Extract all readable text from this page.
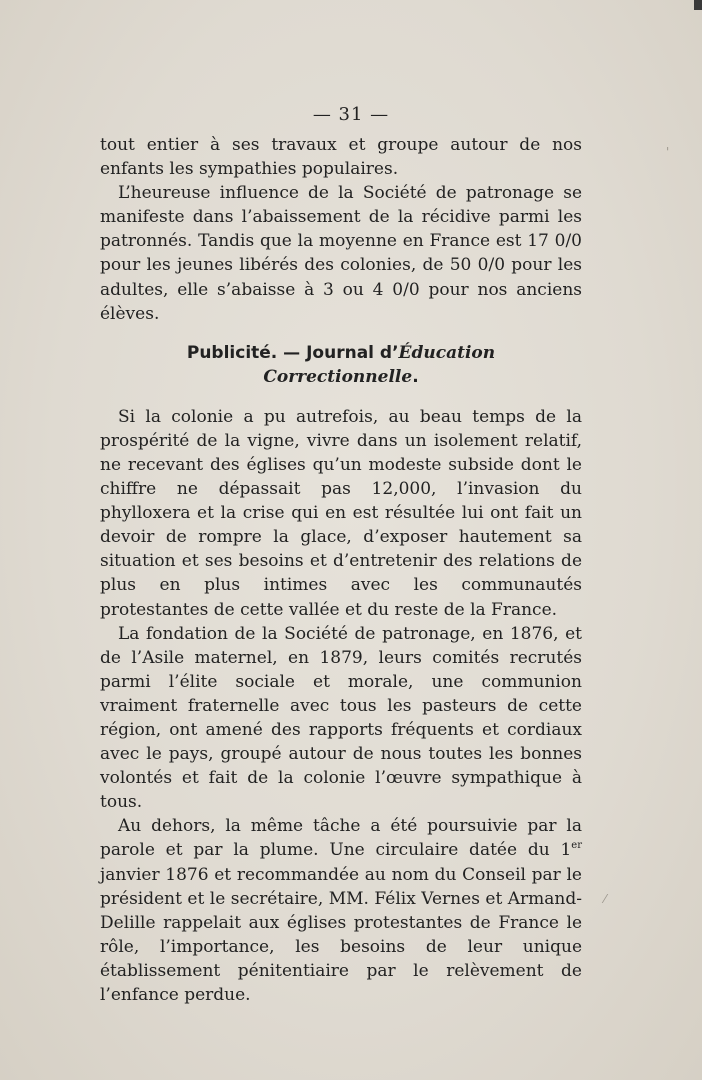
'
⁄
— 31 —

tout entier à ses travaux et groupe autour de nos enfants les sympathies populaires.

L’heureuse influence de la Société de patronage se manifeste dans l’abaissement de la récidive parmi les patronnés. Tandis que la moyenne en France est 17 0/0 pour les jeunes libérés des colonies, de 50 0/0 pour les adultes, elle s’abaisse à 3 ou 4 0/0 pour nos anciens élèves.

Publicité. — Journal d’Éducation
Correctionnelle.

Si la colonie a pu autrefois, au beau temps de la prospérité de la vigne, vivre dans un isolement relatif, ne recevant des églises qu’un modeste subside dont le chiffre ne dépassait pas 12,000, l’invasion du phylloxera et la crise qui en est résultée lui ont fait un devoir de rompre la glace, d’exposer hautement sa situation et ses besoins et d’entretenir des relations de plus en plus intimes avec les communautés protestantes de cette vallée et du reste de la France.

La fondation de la Société de patronage, en 1876, et de l’Asile maternel, en 1879, leurs comités recrutés parmi l’élite sociale et morale, une communion vraiment fraternelle avec tous les pasteurs de cette région, ont amené des rapports fréquents et cordiaux avec le pays, groupé autour de nous toutes les bonnes volontés et fait de la colonie l’œuvre sympathique à tous.

Au dehors, la même tâche a été poursuivie par la parole et par la plume. Une circulaire datée du 1er janvier 1876 et recommandée au nom du Conseil par le président et le secrétaire, MM. Félix Vernes et Armand-Delille rappelait aux églises protestantes de France le rôle, l’importance, les besoins de leur unique établissement pénitentiaire par le relèvement de l’enfance perdue.
